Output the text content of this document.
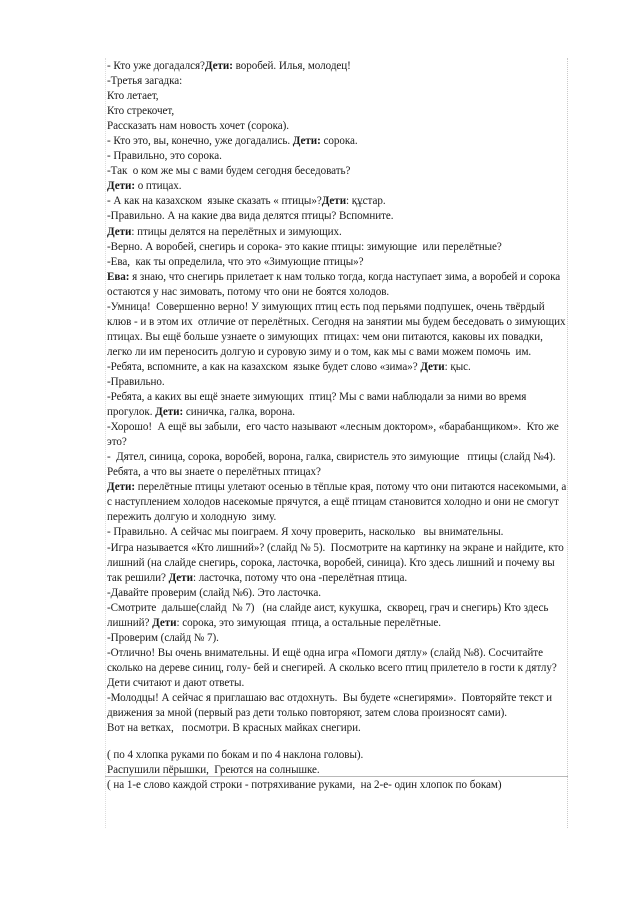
- Кто уже догадался?Дети: воробей. Илья, молодец!
-Третья загадка:
Кто летает,
Кто стрекочет,
Рассказать нам новость хочет (сорока).
- Кто это, вы, конечно, уже догадались. Дети: сорока.
- Правильно, это сорока.
-Так  о ком же мы с вами будем сегодня беседовать?
Дети: о птицах.
- А как на казахском  языке сказать « птицы»?Дети: құстар.
-Правильно. А на какие два вида делятся птицы? Вспомните.
Дети: птицы делятся на перелётных и зимующих.
-Верно. А воробей, снегирь и сорока- это какие птицы: зимующие  или перелётные?
-Ева,  как ты определила, что это «Зимующие птицы»?
Ева: я знаю, что снегирь прилетает к нам только тогда, когда наступает зима, а воробей и сорока остаются у нас зимовать, потому что они не боятся холодов.
-Умница!  Совершенно верно! У зимующих птиц есть под перьями подпушек, очень твёрдый клюв - и в этом их  отличие от перелётных. Сегодня на занятии мы будем беседовать о зимующих птицах. Вы ещё больше узнаете о зимующих  птицах: чем они питаются, каковы их повадки, легко ли им переносить долгую и суровую зиму и о том, как мы с вами можем помочь  им.
-Ребята, вспомните, а как на казахском  языке будет слово «зима»? Дети: қыс.
-Правильно.
-Ребята, а каких вы ещё знаете зимующих  птиц? Мы с вами наблюдали за ними во время прогулок. Дети: синичка, галка, ворона.
-Хорошо!  А ещё вы забыли,  его часто называют «лесным доктором», «барабанщиком».  Кто же это?
-  Дятел, синица, сорока, воробей, ворона, галка, свиристель это зимующие   птицы (слайд №4). Ребята, а что вы знаете о перелётных птицах?
Дети: перелётные птицы улетают осенью в тёплые края, потому что они питаются насекомыми, а с наступлением холодов насекомые прячутся, а ещё птицам становится холодно и они не смогут пережить долгую и холодную  зиму.
- Правильно. А сейчас мы поиграем. Я хочу проверить, насколько   вы внимательны.
-Игра называется «Кто лишний»? (слайд № 5).  Посмотрите на картинку на экране и найдите, кто лишний (на слайде снегирь, сорока, ласточка, воробей, синица). Кто здесь лишний и почему вы так решили? Дети: ласточка, потому что она -перелётная птица.
-Давайте проверим (слайд №6). Это ласточка.
-Смотрите  дальше(слайд  № 7)   (на слайде аист, кукушка,  скворец, грач и снегирь) Кто здесь лишний? Дети: сорока, это зимующая  птица, а остальные перелётные.
-Проверим (слайд № 7).
-Отлично! Вы очень внимательны. И ещё одна игра «Помоги дятлу» (слайд №8). Сосчитайте сколько на дереве синиц, голу- бей и снегирей. А сколько всего птиц прилетело в гости к дятлу?
Дети считают и дают ответы.
-Молодцы! А сейчас я приглашаю вас отдохнуть.  Вы будете «снегирями».  Повторяйте текст и движения за мной (первый раз дети только повторяют, затем слова произносят сами).
Вот на ветках,   посмотри. В красных майках снегири.
( по 4 хлопка руками по бокам и по 4 наклона головы).
Распушили пёрышки,  Греются на солнышке.
( на 1-е слово каждой строки - потряхивание руками,  на 2-е- один хлопок по бокам)
